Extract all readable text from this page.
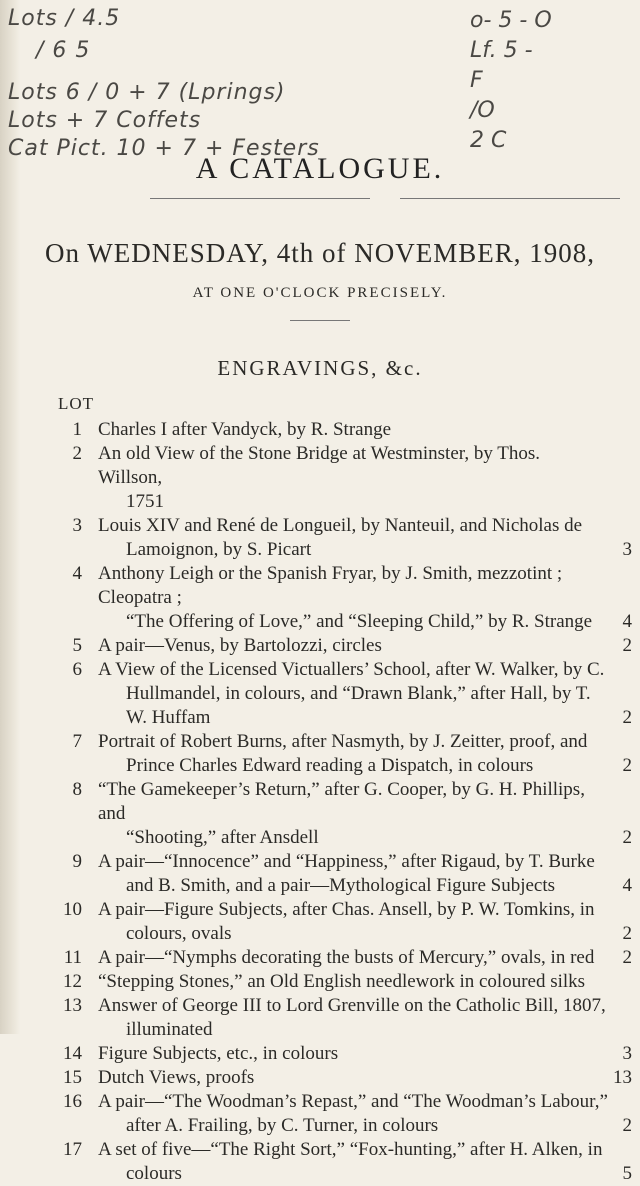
Lots / 4.5
/ 6 5
Lots 6 / 0 + 7 (Lprings)
Lots + 7 Coffets
Cat Pict. 10 + 7 + Festers
o- 5 - O
Lf. 5 -
F
/O
2 C
A CATALOGUE.
On WEDNESDAY, 4th of NOVEMBER, 1908,
AT ONE O'CLOCK PRECISELY.
ENGRAVINGS, &c.
LOT
1 Charles I after Vandyck, by R. Strange
2 An old View of the Stone Bridge at Westminster, by Thos. Willson,
1751
3 Louis XIV and René de Longueil, by Nanteuil, and Nicholas de
Lamoignon, by S. Picart	3
4 Anthony Leigh or the Spanish Fryar, by J. Smith, mezzotint ; Cleopatra ;
“The Offering of Love,” and “Sleeping Child,” by R. Strange	4
5 A pair—Venus, by Bartolozzi, circles	2
6 A View of the Licensed Victuallers’ School, after W. Walker, by C.
Hullmandel, in colours, and “Drawn Blank,” after Hall, by T. W. Huffam	2
7 Portrait of Robert Burns, after Nasmyth, by J. Zeitter, proof, and
Prince Charles Edward reading a Dispatch, in colours	2
8 “The Gamekeeper’s Return,” after G. Cooper, by G. H. Phillips, and
“Shooting,” after Ansdell	2
9 A pair—“Innocence” and “Happiness,” after Rigaud, by T. Burke
and B. Smith, and a pair—Mythological Figure Subjects	4
10 A pair—Figure Subjects, after Chas. Ansell, by P. W. Tomkins, in
colours, ovals	2
11 A pair—“Nymphs decorating the busts of Mercury,” ovals, in red	2
12 “Stepping Stones,” an Old English needlework in coloured silks
13 Answer of George III to Lord Grenville on the Catholic Bill, 1807,
illuminated
14 Figure Subjects, etc., in colours	3
15 Dutch Views, proofs	13
16 A pair—“The Woodman’s Repast,” and “The Woodman’s Labour,”
after A. Frailing, by C. Turner, in colours	2
17 A set of five—“The Right Sort,” “Fox-hunting,” after H. Alken, in
colours	5
